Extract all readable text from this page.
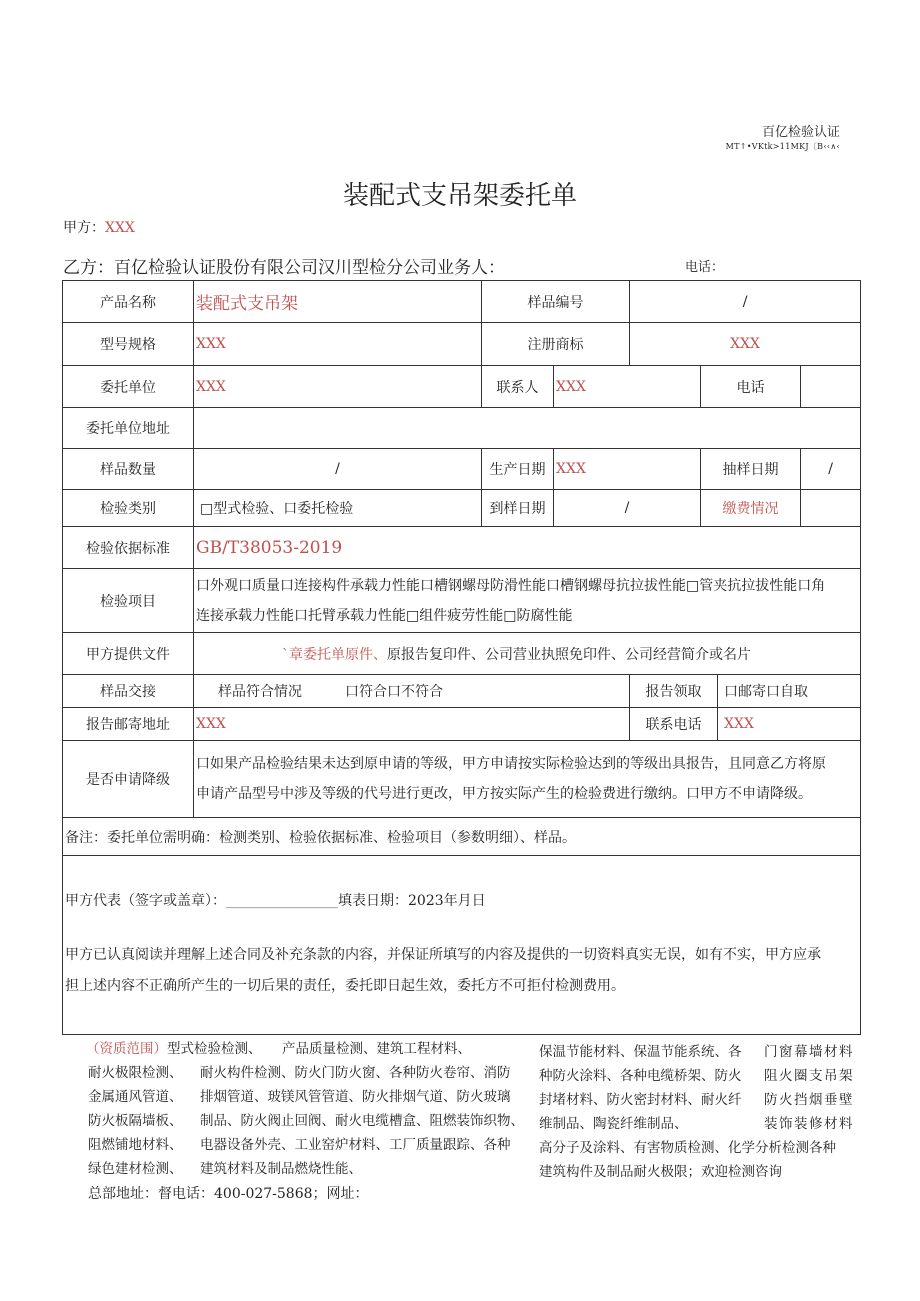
百亿检验认证
MT↑•VKtk>11MKJ〔B‹‹∧‹
装配式支吊架委托单
甲方：XXX
乙方：百亿检验认证股份有限公司汉川型检分公司业务人：	电话：
产品名称	装配式支吊架	样品编号		/			
型号规格	XXX	注册商标		XXX			
委托单位	XXX	联系人	XXX		电话		
委托单位地址							
样品数量	/	生产日期	XXX		抽样日期		/
检验类别	□型式检验、口委托检验	到样日期	/		缴费情况		
检验依据标准	GB/T38053-2019						
检验项目	口外观口质量口连接构件承载力性能口槽钢螺母防滑性能口槽钢螺母抗拉拔性能□管夹抗拉拔性能口角
连接承载力性能口托臂承载力性能□组件疲劳性能□防腐性能						

甲方提供文件	`章委托单原件、原报告复印件、公司营业执照免印件、公司经营简介或名片						
样品交接	样品符合情况 口符合口不符合			报告领取		口邮寄口自取	
报告邮寄地址	XXX			联系电话		XXX	
是否申请降级	口如果产品检验结果未达到原申请的等级，甲方申请按实际检验达到的等级出具报告，且同意乙方将原
申请产品型号中涉及等级的代号进行更改，甲方按实际产生的检验费进行缴纳。口甲方不申请降级。						

备注：委托单位需明确：检测类别、检验依据标准、检验项目（参数明细）、样品。							

甲方代表（签字或盖章）：________________填表日期：2023年月日
甲方已认真阅读并理解上述合同及补充条款的内容，并保证所填写的内容及提供的一切资料真实无误，如有不实，甲方应承
担上述内容不正确所产生的一切后果的责任，委托即日起生效，委托方不可拒付检测费用。							
（资质范围）型式检验检测、
耐火极限检测、
金属通风管道、
防火板隔墙板、
阻燃铺地材料、
绿色建材检测、
产品质量检测、建筑工程材料、
耐火构件检测、防火门防火窗、各种防火卷帘、消防
排烟管道、玻镁风管管道、防火排烟气道、防火玻璃
制品、防火阀止回阀、耐火电缆槽盒、阻燃装饰织物、
电器设备外壳、工业窑炉材料、工厂质量跟踪、各种
建筑材料及制品燃烧性能、
保温节能材料、保温节能系统、各
种防火涂料、各种电缆桥架、防火
封堵材料、防火密封材料、耐火纤
维制品、陶瓷纤维制品、
高分子及涂料、有害物质检测、化学分析检测各种
建筑构件及制品耐火极限；欢迎检测咨询
门窗幕墙材料
阻火圈支吊架
防火挡烟垂壁
装饰装修材料
总部地址：督电话：400-027-5868；网址：
